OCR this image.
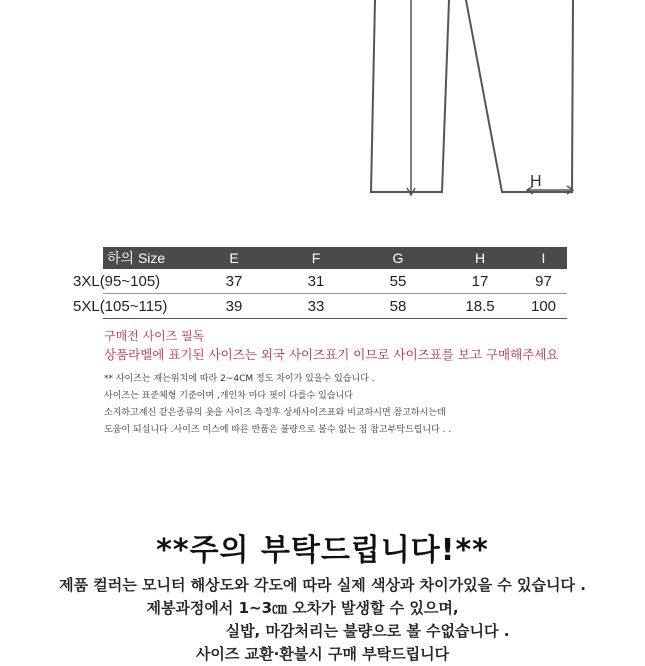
H
하의 Size	E	F	G	H	I
3XL(95~105)	37	31	55	17	97
5XL(105~115)	39	33	58	18.5	100

구매전 사이즈 필독

상품라벨에 표기된 사이즈는 외국 사이즈표기 이므로 사이즈표를 보고 구매해주세요

** 사이즈는 재는위치에 따라 2~4CM 정도 차이가 있을수 있습니다 .

사이즈는 표준체형 기준이며 ,개인차 마다 핏이 다를수 있습니다

소지하고계신 같은종류의 옷을 사이즈 측정후 상세사이즈표와 비교하시면 참고하시는데

도움이 되십니다 .사이즈 미스에 따른 반품은 불량으로 볼수 없는 점 참고부탁드립니다 . .

**주의 부탁드립니다!**

제품 컬러는 모니터 해상도와 각도에 따라 실제 색상과 차이가있을 수 있습니다 .

제봉과정에서 1~3㎝ 오차가 발생할 수 있으며,

실밥, 마감처리는 불량으로 볼 수없습니다 .

사이즈 교환·환불시 구매 부탁드립니다
